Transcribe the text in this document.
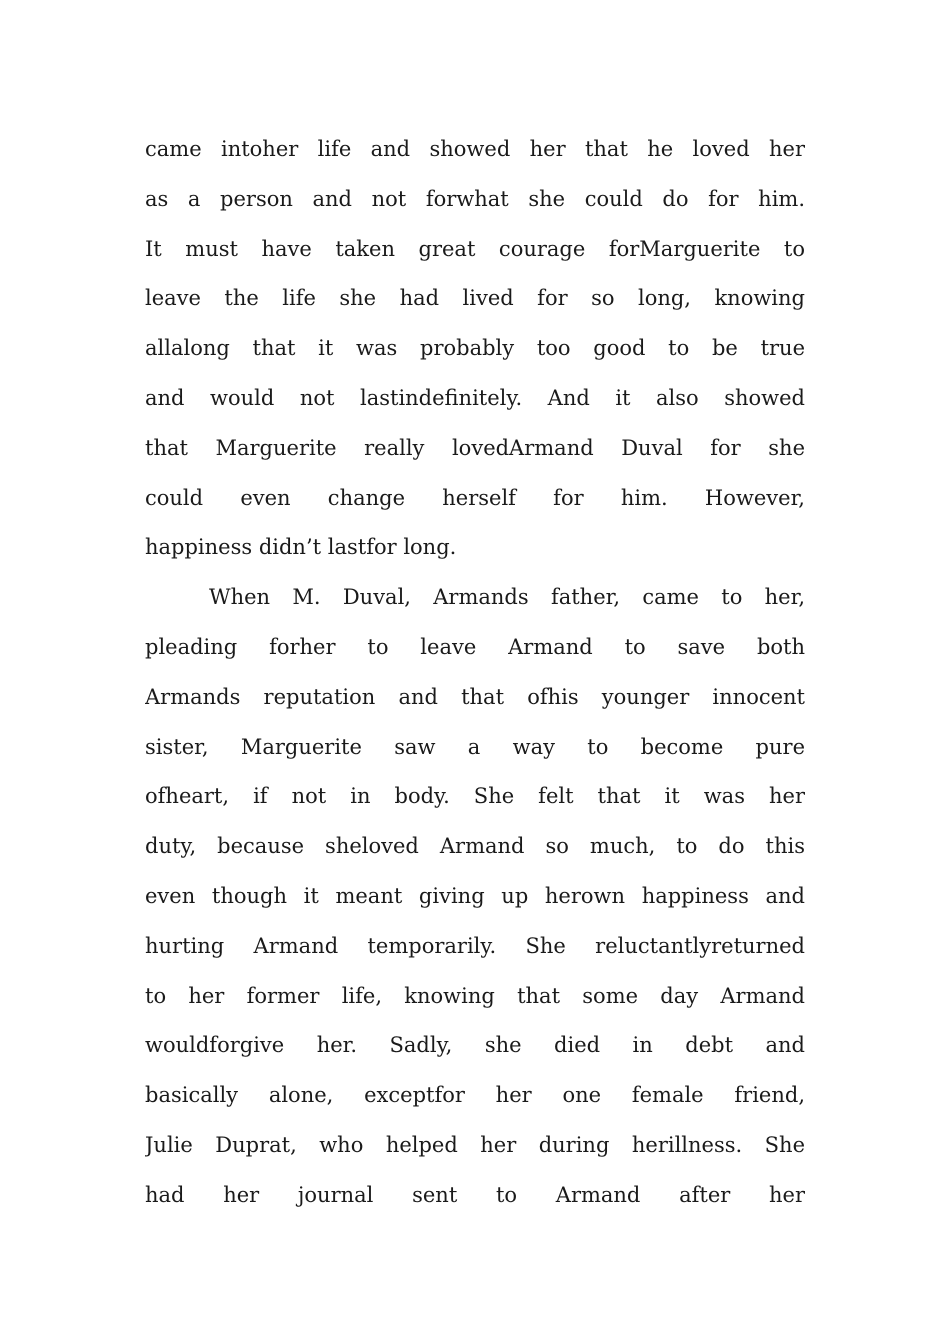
came intoher life and showed her that he loved her
as a person and not forwhat she could do for him.
It must have taken great courage forMarguerite to
leave the life she had lived for so long, knowing
allalong that it was probably too good to be true
and would not lastindefinitely. And it also showed
that Marguerite really lovedArmand Duval for she
could even change herself for him. However,
happiness didn’t lastfor long.
When M. Duval, Armands father, came to her,
pleading forher to leave Armand to save both
Armands reputation and that ofhis younger innocent
sister, Marguerite saw a way to become pure
ofheart, if not in body. She felt that it was her
duty, because sheloved Armand so much, to do this
even though it meant giving up herown happiness and
hurting Armand temporarily. She reluctantlyreturned
to her former life, knowing that some day Armand
wouldforgive her. Sadly, she died in debt and
basically alone, exceptfor her one female friend,
Julie Duprat, who helped her during herillness. She
had her journal sent to Armand after her
